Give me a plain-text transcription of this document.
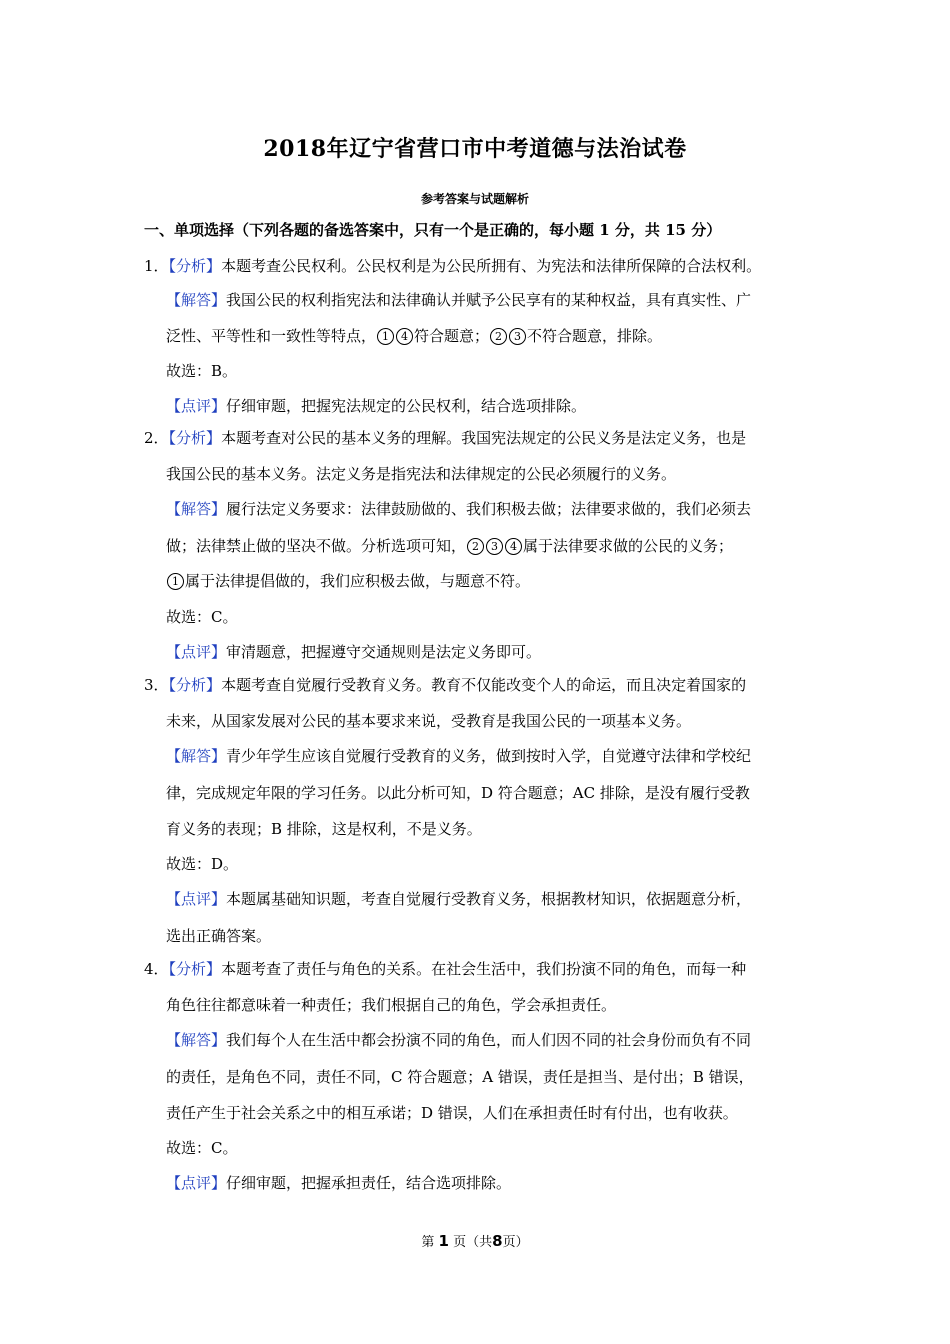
2018年辽宁省营口市中考道德与法治试卷
参考答案与试题解析
一、单项选择（下列各题的备选答案中，只有一个是正确的，每小题 1 分，共 15 分）
1．【分析】本题考查公民权利。公民权利是为公民所拥有、为宪法和法律所保障的合法权利。
【解答】我国公民的权利指宪法和法律确认并赋予公民享有的某种权益，具有真实性、广
泛性、平等性和一致性等特点， 1 4 符合题意； 2 3 不符合题意，排除。
故选：B。
【点评】仔细审题，把握宪法规定的公民权利，结合选项排除。
2．【分析】本题考查对公民的基本义务的理解。我国宪法规定的公民义务是法定义务，也是
我国公民的基本义务。法定义务是指宪法和法律规定的公民必须履行的义务。
【解答】履行法定义务要求：法律鼓励做的、我们积极去做；法律要求做的，我们必须去
做；法律禁止做的坚决不做。分析选项可知， 2 3 4 属于法律要求做的公民的义务；
1 属于法律提倡做的，我们应积极去做，与题意不符。
故选：C。
【点评】审清题意，把握遵守交通规则是法定义务即可。
3．【分析】本题考查自觉履行受教育义务。教育不仅能改变个人的命运，而且决定着国家的
未来，从国家发展对公民的基本要求来说，受教育是我国公民的一项基本义务。
【解答】青少年学生应该自觉履行受教育的义务，做到按时入学，自觉遵守法律和学校纪
律，完成规定年限的学习任务。以此分析可知，D 符合题意；AC 排除，是没有履行受教
育义务的表现；B 排除，这是权利，不是义务。
故选：D。
【点评】本题属基础知识题，考查自觉履行受教育义务，根据教材知识，依据题意分析，
选出正确答案。
4．【分析】本题考查了责任与角色的关系。在社会生活中，我们扮演不同的角色，而每一种
角色往往都意味着一种责任；我们根据自己的角色，学会承担责任。
【解答】我们每个人在生活中都会扮演不同的角色，而人们因不同的社会身份而负有不同
的责任，是角色不同，责任不同，C 符合题意；A 错误，责任是担当、是付出；B 错误，
责任产生于社会关系之中的相互承诺；D 错误，人们在承担责任时有付出，也有收获。
故选：C。
【点评】仔细审题，把握承担责任，结合选项排除。
第 1 页（共8页）
